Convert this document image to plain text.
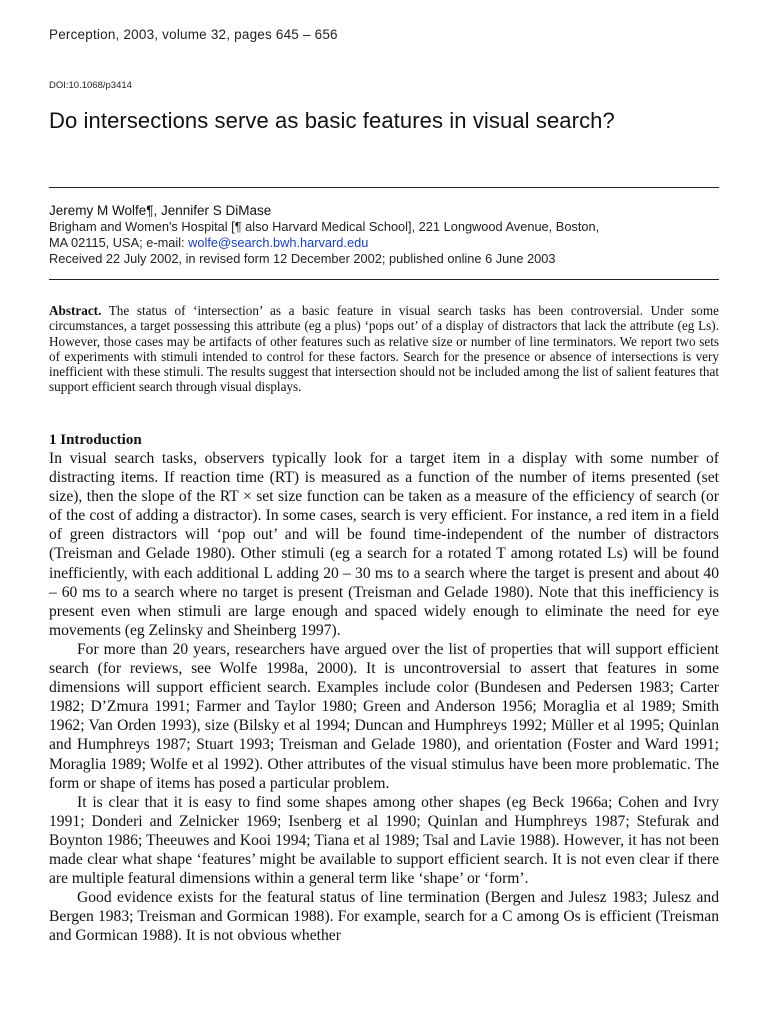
Perception, 2003, volume 32, pages 645 – 656
DOI:10.1068/p3414
Do intersections serve as basic features in visual search?
Jeremy M Wolfe¶, Jennifer S DiMase
Brigham and Women's Hospital [¶ also Harvard Medical School], 221 Longwood Avenue, Boston,
MA 02115, USA; e-mail: wolfe@search.bwh.harvard.edu
Received 22 July 2002, in revised form 12 December 2002; published online 6 June 2003
Abstract. The status of ‘intersection’ as a basic feature in visual search tasks has been controversial. Under some circumstances, a target possessing this attribute (eg a plus) ‘pops out’ of a display of distractors that lack the attribute (eg Ls). However, those cases may be artifacts of other features such as relative size or number of line terminators. We report two sets of experiments with stimuli intended to control for these factors. Search for the presence or absence of intersections is very inefficient with these stimuli. The results suggest that intersection should not be included among the list of salient features that support efficient search through visual displays.
1 Introduction

In visual search tasks, observers typically look for a target item in a display with some number of distracting items. If reaction time (RT) is measured as a function of the number of items presented (set size), then the slope of the RT × set size function can be taken as a measure of the efficiency of search (or of the cost of adding a distractor). In some cases, search is very efficient. For instance, a red item in a field of green distractors will ‘pop out’ and will be found time-independent of the number of distractors (Treisman and Gelade 1980). Other stimuli (eg a search for a rotated T among rotated Ls) will be found inefficiently, with each additional L adding 20 – 30 ms to a search where the target is present and about 40 – 60 ms to a search where no target is present (Treisman and Gelade 1980). Note that this inefficiency is present even when stimuli are large enough and spaced widely enough to eliminate the need for eye movements (eg Zelinsky and Sheinberg 1997).

For more than 20 years, researchers have argued over the list of properties that will support efficient search (for reviews, see Wolfe 1998a, 2000). It is uncontroversial to assert that features in some dimensions will support efficient search. Examples include color (Bundesen and Pedersen 1983; Carter 1982; D’Zmura 1991; Farmer and Taylor 1980; Green and Anderson 1956; Moraglia et al 1989; Smith 1962; Van Orden 1993), size (Bilsky et al 1994; Duncan and Humphreys 1992; Müller et al 1995; Quinlan and Humphreys 1987; Stuart 1993; Treisman and Gelade 1980), and orientation (Foster and Ward 1991; Moraglia 1989; Wolfe et al 1992). Other attributes of the visual stimulus have been more problematic. The form or shape of items has posed a particular problem.

It is clear that it is easy to find some shapes among other shapes (eg Beck 1966a; Cohen and Ivry 1991; Donderi and Zelnicker 1969; Isenberg et al 1990; Quinlan and Humphreys 1987; Stefurak and Boynton 1986; Theeuwes and Kooi 1994; Tiana et al 1989; Tsal and Lavie 1988). However, it has not been made clear what shape ‘features’ might be available to support efficient search. It is not even clear if there are multiple featural dimensions within a general term like ‘shape’ or ‘form’.

Good evidence exists for the featural status of line termination (Bergen and Julesz 1983; Julesz and Bergen 1983; Treisman and Gormican 1988). For example, search for a C among Os is efficient (Treisman and Gormican 1988). It is not obvious whether
